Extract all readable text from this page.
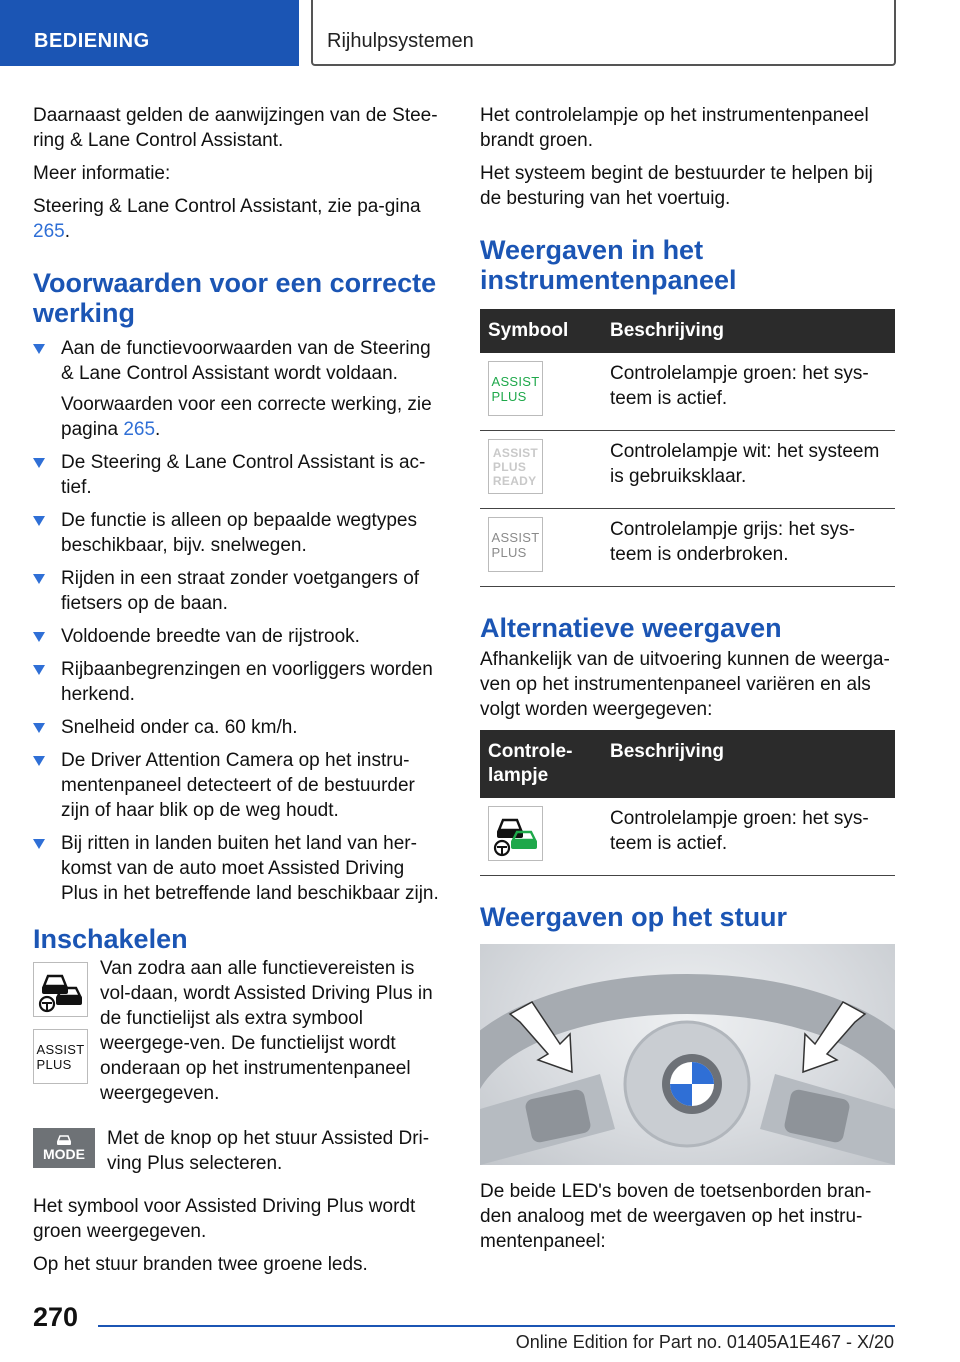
BEDIENING	Rijhulpsystemen

Daarnaast gelden de aanwijzingen van de Stee-ring & Lane Control Assistant.

Meer informatie:

Steering & Lane Control Assistant, zie pa-gina 265.

Voorwaarden voor een correcte werking
Aan de functievoorwaarden van de Steering & Lane Control Assistant wordt voldaan.
Voorwaarden voor een correcte werking, zie pagina 265.
De Steering & Lane Control Assistant is ac-tief.
De functie is alleen op bepaalde wegtypes beschikbaar, bijv. snelwegen.
Rijden in een straat zonder voetgangers of fietsers op de baan.
Voldoende breedte van de rijstrook.
Rijbaanbegrenzingen en voorliggers worden herkend.
Snelheid onder ca. 60 km/h.
De Driver Attention Camera op het instru-mentenpaneel detecteert of de bestuurder zijn of haar blik op de weg houdt.
Bij ritten in landen buiten het land van her-komst van de auto moet Assisted Driving Plus in het betreffende land beschikbaar zijn.
Inschakelen
ASSIST
PLUS

Van zodra aan alle functievereisten is vol-daan, wordt Assisted Driving Plus in de functielijst als extra symbool weergege-ven. De functielijst wordt onderaan op het instrumentenpaneel weergegeven.

MODE

Met de knop op het stuur Assisted Dri-ving Plus selecteren.

Het symbool voor Assisted Driving Plus wordt groen weergegeven.

Op het stuur branden twee groene leds.

Het controlelampje op het instrumentenpaneel brandt groen.

Het systeem begint de bestuurder te helpen bij de besturing van het voertuig.

Weergaven in het instrumentenpaneel
Symbool	Beschrijving

ASSIST
PLUS	Controlelampje groen: het sys-teem is actief.

ASSIST
PLUS
READY	Controlelampje wit: het systeem is gebruiksklaar.

ASSIST
PLUS	Controlelampje grijs: het sys-teem is onderbroken.
Alternatieve weergaven

Afhankelijk van de uitvoering kunnen de weerga-ven op het instrumentenpaneel variëren en als volgt worden weergegeven:

Controle-lampje	Beschrijving

	Controlelampje groen: het sys-teem is actief.
Weergaven op het stuur

De beide LED's boven de toetsenborden bran-den analoog met de weergaven op het instru-mentenpaneel:

270
Online Edition for Part no. 01405A1E467 - X/20
